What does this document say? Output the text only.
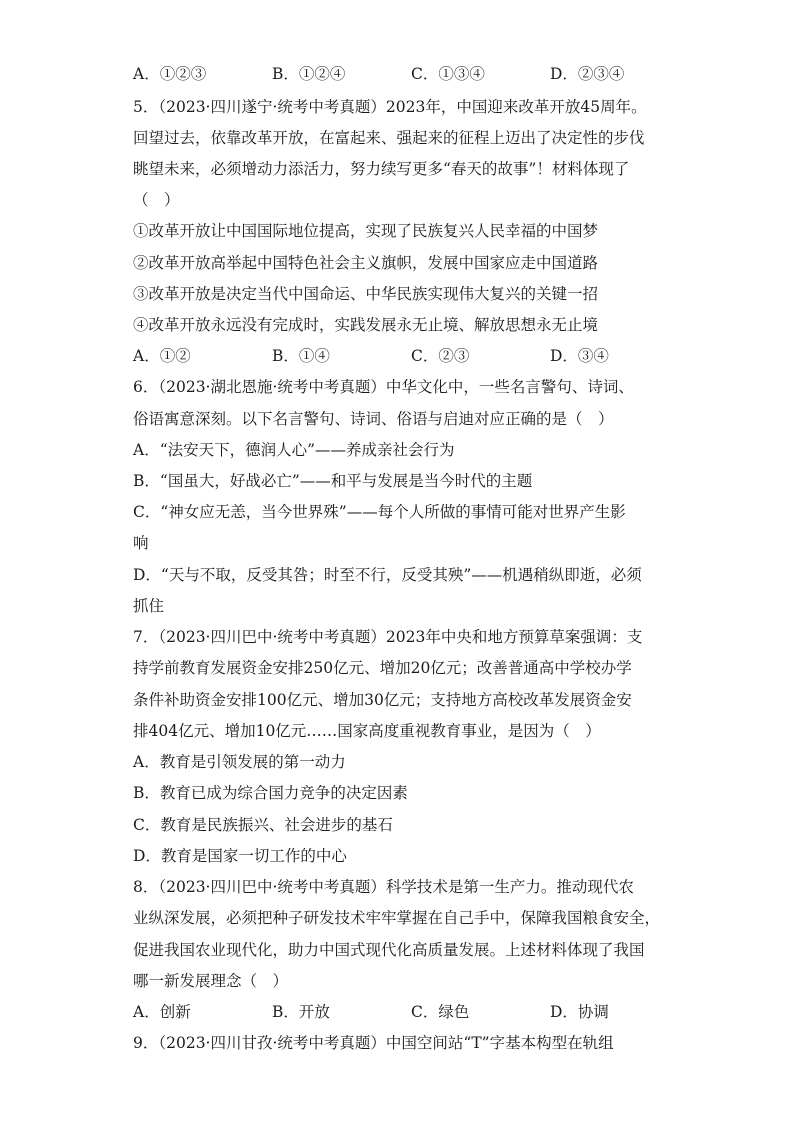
A．①②③	B．①②④	C．①③④	D．②③④
5．（2023·四川遂宁·统考中考真题）2023年，中国迎来改革开放45周年。
回望过去，依靠改革开放，在富起来、强起来的征程上迈出了决定性的步伐
眺望未来，必须增动力添活力，努力续写更多“春天的故事”！材料体现了
（　）
①改革开放让中国国际地位提高，实现了民族复兴人民幸福的中国梦
②改革开放高举起中国特色社会主义旗帜，发展中国家应走中国道路
③改革开放是决定当代中国命运、中华民族实现伟大复兴的关键一招
④改革开放永远没有完成时，实践发展永无止境、解放思想永无止境
A．①②	B．①④	C．②③	D．③④
6．（2023·湖北恩施·统考中考真题）中华文化中，一些名言警句、诗词、
俗语寓意深刻。以下名言警句、诗词、俗语与启迪对应正确的是（　）
A．“法安天下，德润人心”——养成亲社会行为
B．“国虽大，好战必亡”——和平与发展是当今时代的主题
C．“神女应无恙，当今世界殊”——每个人所做的事情可能对世界产生影
响
D．“天与不取，反受其咎；时至不行，反受其殃”——机遇稍纵即逝，必须
抓住
7．（2023·四川巴中·统考中考真题）2023年中央和地方预算草案强调：支
持学前教育发展资金安排250亿元、增加20亿元；改善普通高中学校办学
条件补助资金安排100亿元、增加30亿元；支持地方高校改革发展资金安
排404亿元、增加10亿元……国家高度重视教育事业，是因为（　）
A．教育是引领发展的第一动力
B．教育已成为综合国力竞争的决定因素
C．教育是民族振兴、社会进步的基石
D．教育是国家一切工作的中心
8．（2023·四川巴中·统考中考真题）科学技术是第一生产力。推动现代农
业纵深发展，必须把种子研发技术牢牢掌握在自己手中，保障我国粮食安全，
促进我国农业现代化，助力中国式现代化高质量发展。上述材料体现了我国
哪一新发展理念（　）
A．创新	B．开放	C．绿色	D．协调
9．（2023·四川甘孜·统考中考真题）中国空间站“T”字基本构型在轨组
